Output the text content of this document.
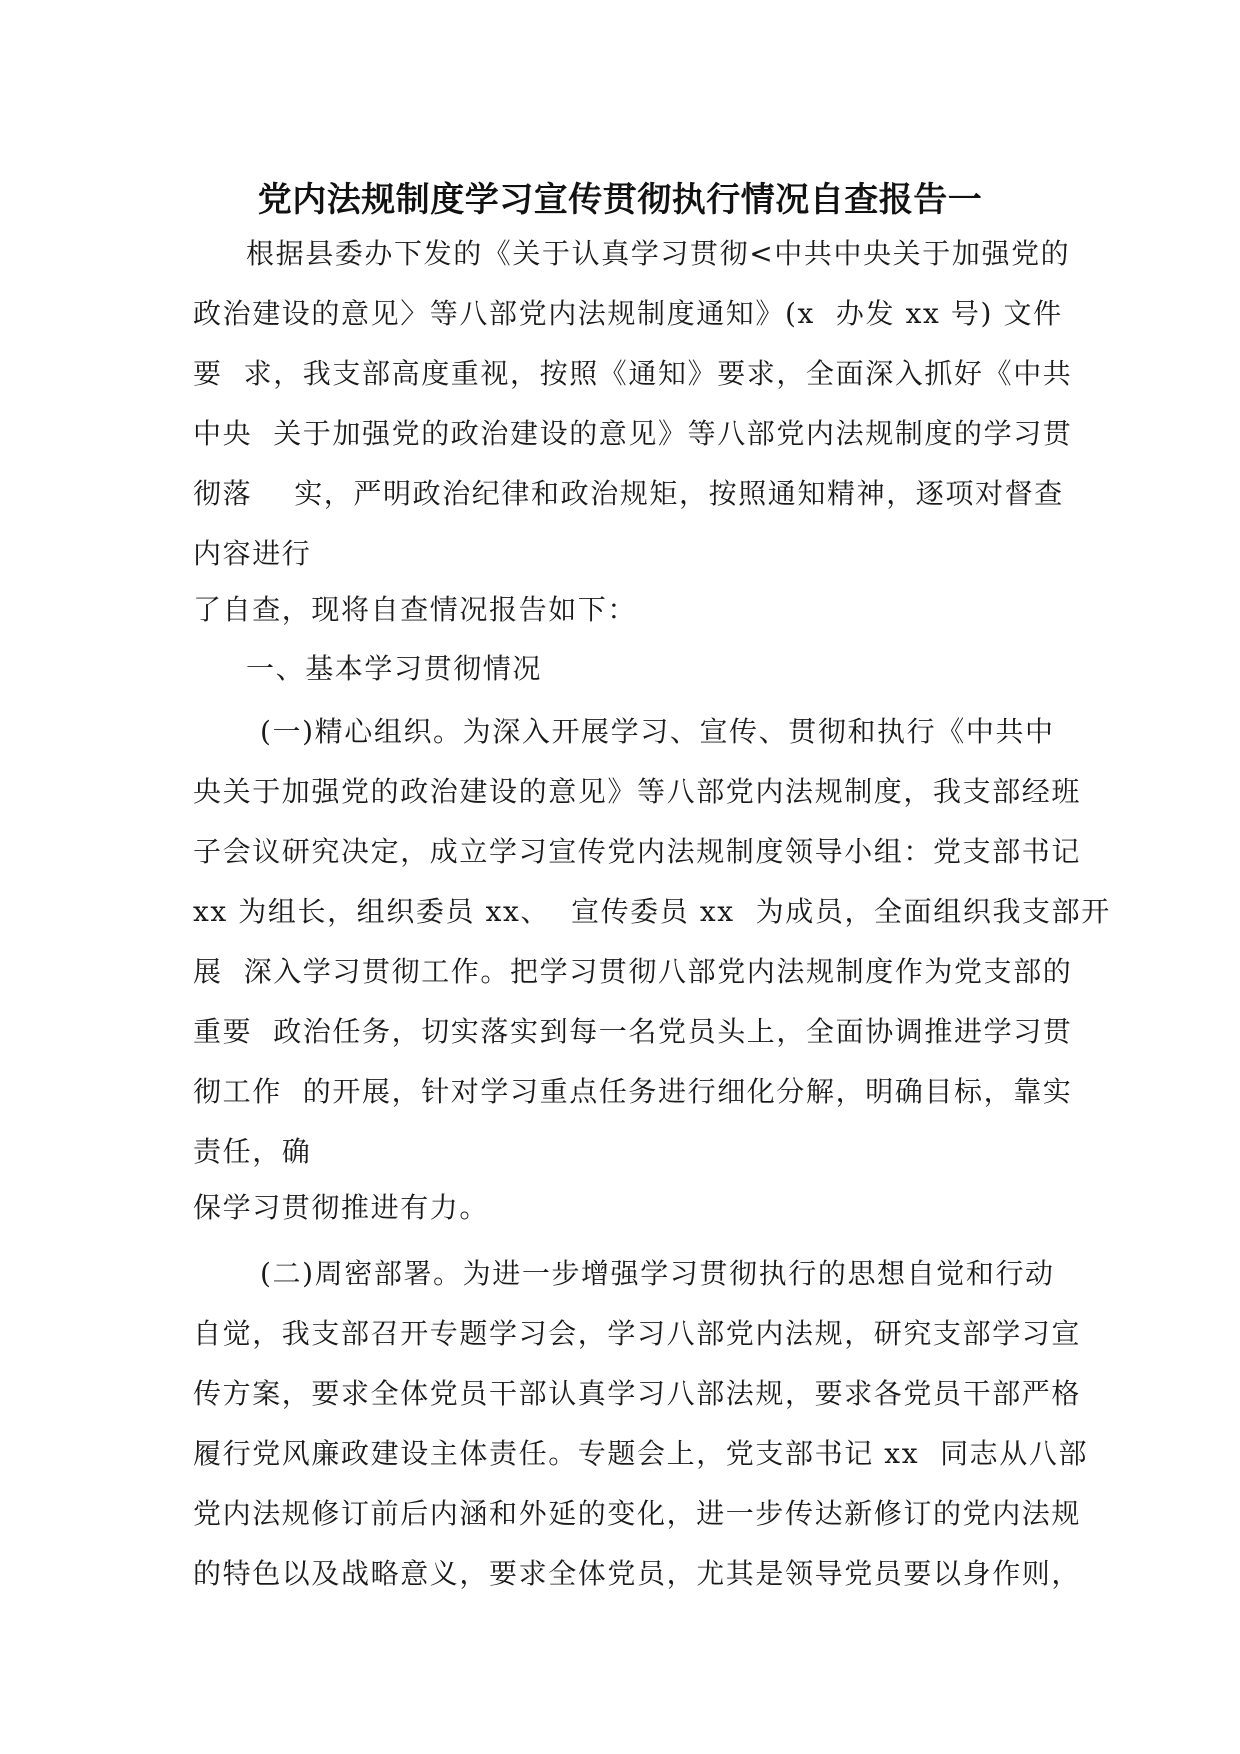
党内法规制度学习宣传贯彻执行情况自查报告一
根据县委办下发的《关于认真学习贯彻<中共中央关于加强党的
政治建设的意见〉等八部党内法规制度通知》(x  办发 xx 号) 文件
要  求，我支部高度重视，按照《通知》要求，全面深入抓好《中共
中央  关于加强党的政治建设的意见》等八部党内法规制度的学习贯
彻落    实，严明政治纪律和政治规矩，按照通知精神，逐项对督查
内容进行
了自查，现将自查情况报告如下：
一、基本学习贯彻情况
(一)精心组织。为深入开展学习、宣传、贯彻和执行《中共中
央关于加强党的政治建设的意见》等八部党内法规制度，我支部经班
子会议研究决定，成立学习宣传党内法规制度领导小组：党支部书记
xx 为组长，组织委员 xx、  宣传委员 xx  为成员，全面组织我支部开
展  深入学习贯彻工作。把学习贯彻八部党内法规制度作为党支部的
重要  政治任务，切实落实到每一名党员头上，全面协调推进学习贯
彻工作  的开展，针对学习重点任务进行细化分解，明确目标，靠实
责任，确
保学习贯彻推进有力。
(二)周密部署。为进一步增强学习贯彻执行的思想自觉和行动
自觉，我支部召开专题学习会，学习八部党内法规，研究支部学习宣
传方案，要求全体党员干部认真学习八部法规，要求各党员干部严格
履行党风廉政建设主体责任。专题会上，党支部书记 xx  同志从八部
党内法规修订前后内涵和外延的变化，进一步传达新修订的党内法规
的特色以及战略意义，要求全体党员，尤其是领导党员要以身作则，
